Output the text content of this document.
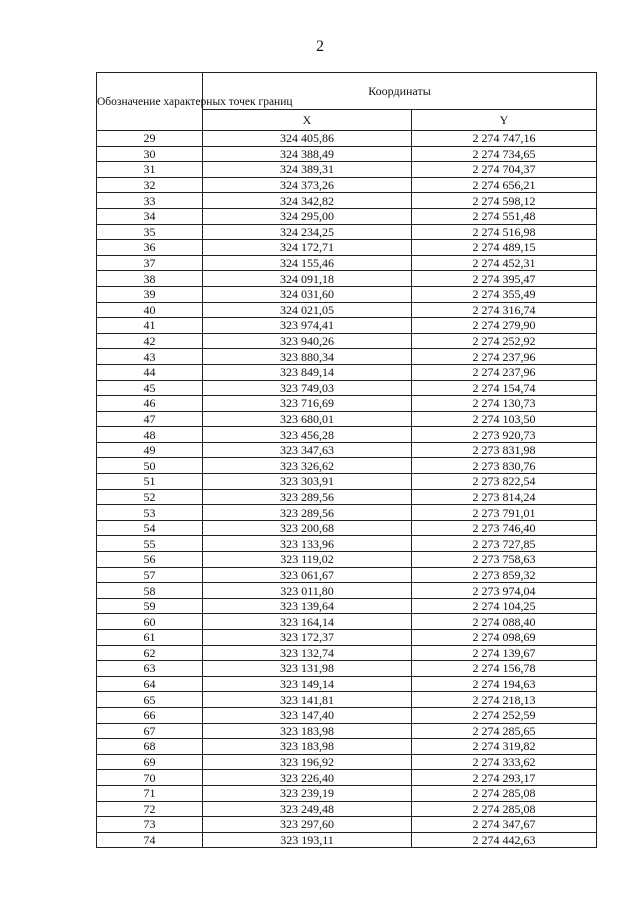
2
Обозначение характерных точек границ	Координаты	
	X	Y
29	324 405,86	2 274 747,16
30	324 388,49	2 274 734,65
31	324 389,31	2 274 704,37
32	324 373,26	2 274 656,21
33	324 342,82	2 274 598,12
34	324 295,00	2 274 551,48
35	324 234,25	2 274 516,98
36	324 172,71	2 274 489,15
37	324 155,46	2 274 452,31
38	324 091,18	2 274 395,47
39	324 031,60	2 274 355,49
40	324 021,05	2 274 316,74
41	323 974,41	2 274 279,90
42	323 940,26	2 274 252,92
43	323 880,34	2 274 237,96
44	323 849,14	2 274 237,96
45	323 749,03	2 274 154,74
46	323 716,69	2 274 130,73
47	323 680,01	2 274 103,50
48	323 456,28	2 273 920,73
49	323 347,63	2 273 831,98
50	323 326,62	2 273 830,76
51	323 303,91	2 273 822,54
52	323 289,56	2 273 814,24
53	323 289,56	2 273 791,01
54	323 200,68	2 273 746,40
55	323 133,96	2 273 727,85
56	323 119,02	2 273 758,63
57	323 061,67	2 273 859,32
58	323 011,80	2 273 974,04
59	323 139,64	2 274 104,25
60	323 164,14	2 274 088,40
61	323 172,37	2 274 098,69
62	323 132,74	2 274 139,67
63	323 131,98	2 274 156,78
64	323 149,14	2 274 194,63
65	323 141,81	2 274 218,13
66	323 147,40	2 274 252,59
67	323 183,98	2 274 285,65
68	323 183,98	2 274 319,82
69	323 196,92	2 274 333,62
70	323 226,40	2 274 293,17
71	323 239,19	2 274 285,08
72	323 249,48	2 274 285,08
73	323 297,60	2 274 347,67
74	323 193,11	2 274 442,63
